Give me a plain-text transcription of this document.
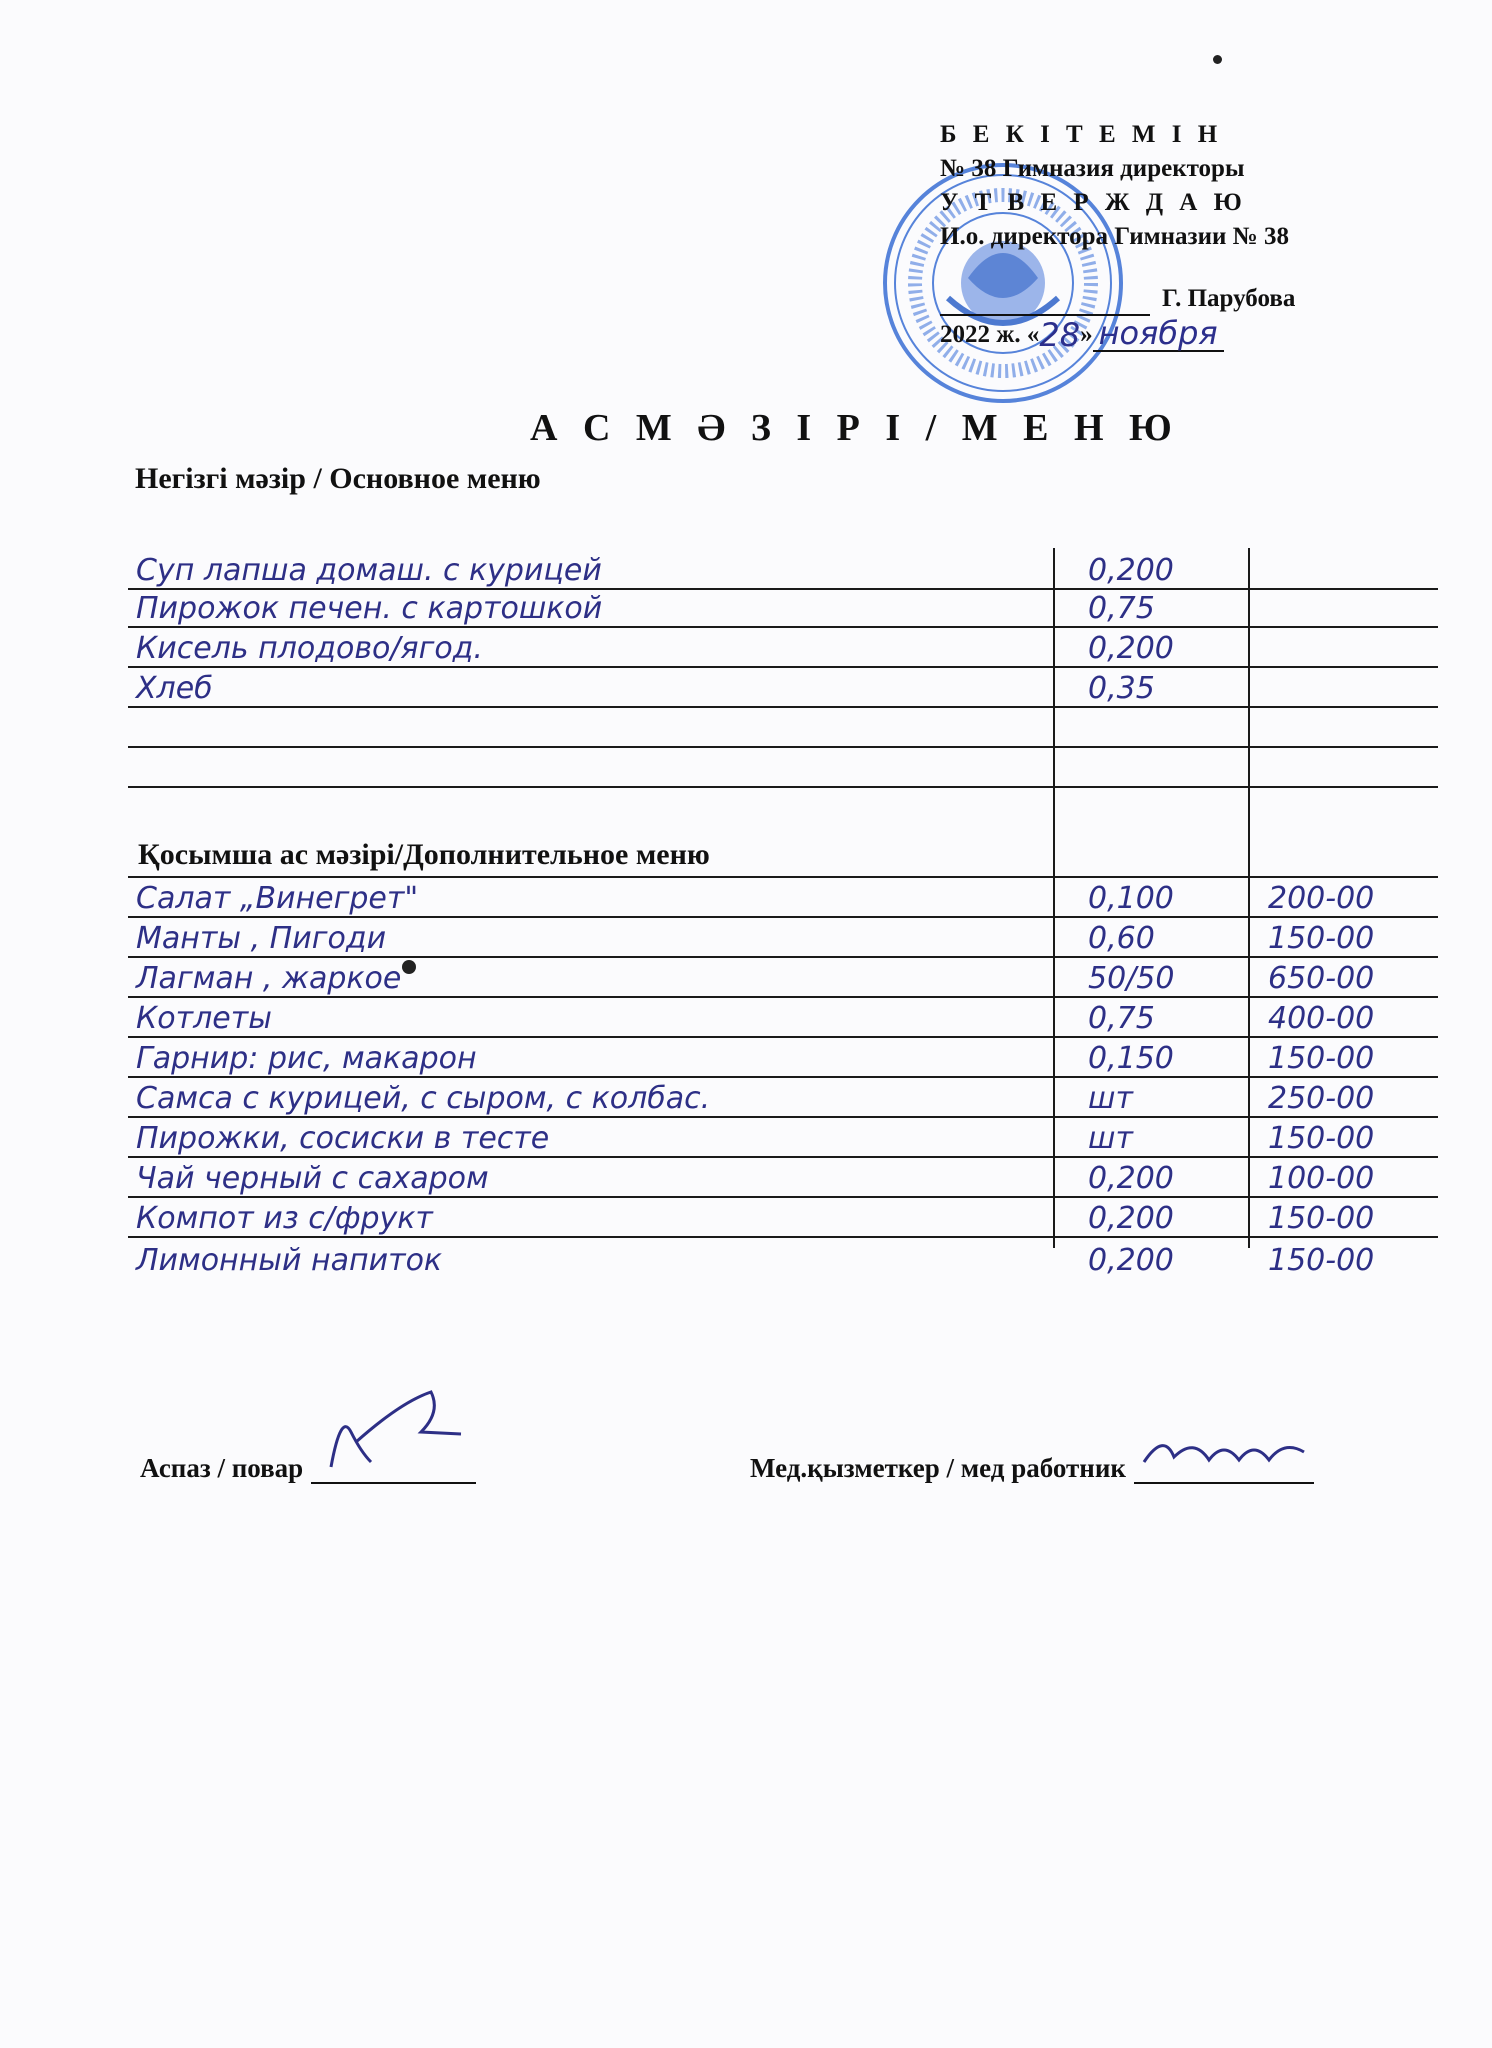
Б Е К І Т Е М І Н
№ 38 Гимназия директоры
У Т В Е Р Ж Д А Ю
И.о. директора Гимназии № 38
Г. Парубова
2022 ж. « 28 » ноября
А С М Ә З І Р І / М Е Н Ю
Негізгі мәзір / Основное меню
Суп лапша домаш. с курицей	0,200
Пирожок печен. с картошкой	0,75
Кисель плодово/ягод.	0,200
Хлеб	0,35
Қосымша ас мәзірі/Дополнительное меню
Салат „Винегрет"	0,100	200-00
Манты , Пигоди	0,60	150-00
Лагман , жаркое	50/50	650-00
Котлеты	0,75	400-00
Гарнир: рис, макарон	0,150	150-00
Самса с курицей, с сыром, с колбас.	шт	250-00
Пирожки, сосиски в тесте	шт	150-00
Чай черный с сахаром	0,200	100-00
Компот из с/фрукт	0,200	150-00
Лимонный напиток	0,200	150-00
Аспаз / повар	Мед.қызметкер / мед работник
